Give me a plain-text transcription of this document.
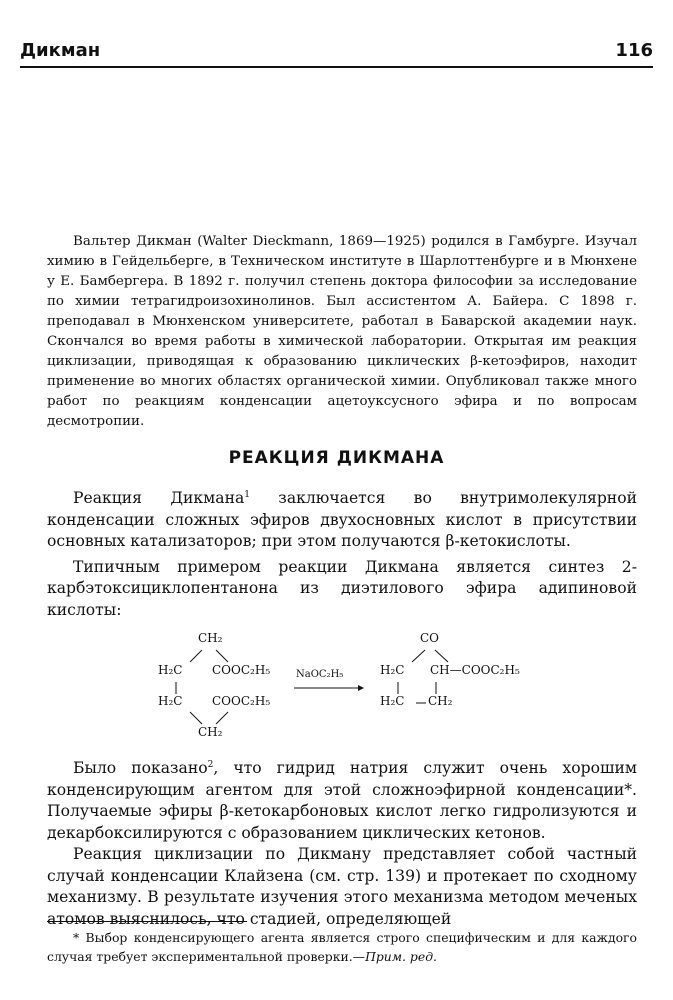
Дикман	116

Вальтер Дикман (Walter Dieckmann, 1869—1925) родился в Гамбурге. Изучал химию в Гейдельберге, в Техническом институте в Шарлоттенбурге и в Мюнхене у Е. Бамбергера. В 1892 г. получил степень доктора философии за исследование по химии тетрагидроизохинолинов. Был ассистентом А. Байера. С 1898 г. преподавал в Мюнхенском университете, работал в Баварской академии наук. Скончался во время работы в химической лаборатории. Открытая им реакция циклизации, приводящая к образованию циклических β-кетоэфиров, находит применение во многих областях органической химии. Опубликовал также много работ по реакциям конденсации ацетоуксусного эфира и по вопросам десмотропии.

РЕАКЦИЯ ДИКМАНА

Реакция Дикмана$^1$ заключается во внутримолекулярной конденсации сложных эфиров двухосновных кислот в присутствии основных катализаторов; при этом получаются β-кетокислоты.

Типичным примером реакции Дикмана является синтез 2-карбэтоксициклопентанона из диэтилового эфира адипиновой кислоты:

CH₂
H₂C COOC₂H₅
H₂C COOC₂H₅
CH₂
NaOC₂H₅
CO
H₂C CH—COOC₂H₅
H₂C CH₂

Было показано$^2$, что гидрид натрия служит очень хорошим конденсирующим агентом для этой сложноэфирной конденсации*. Получаемые эфиры β-кетокарбоновых кислот легко гидролизуются и декарбоксилируются с образованием циклических кетонов.

Реакция циклизации по Дикману представляет собой частный случай конденсации Клайзена (см. стр. 139) и протекает по сходному механизму. В результате изучения этого механизма методом меченых атомов выяснилось, что стадией, определяющей

* Выбор конденсирующего агента является строго специфическим и для каждого случая требует экспериментальной проверки.—Прим. ред.
